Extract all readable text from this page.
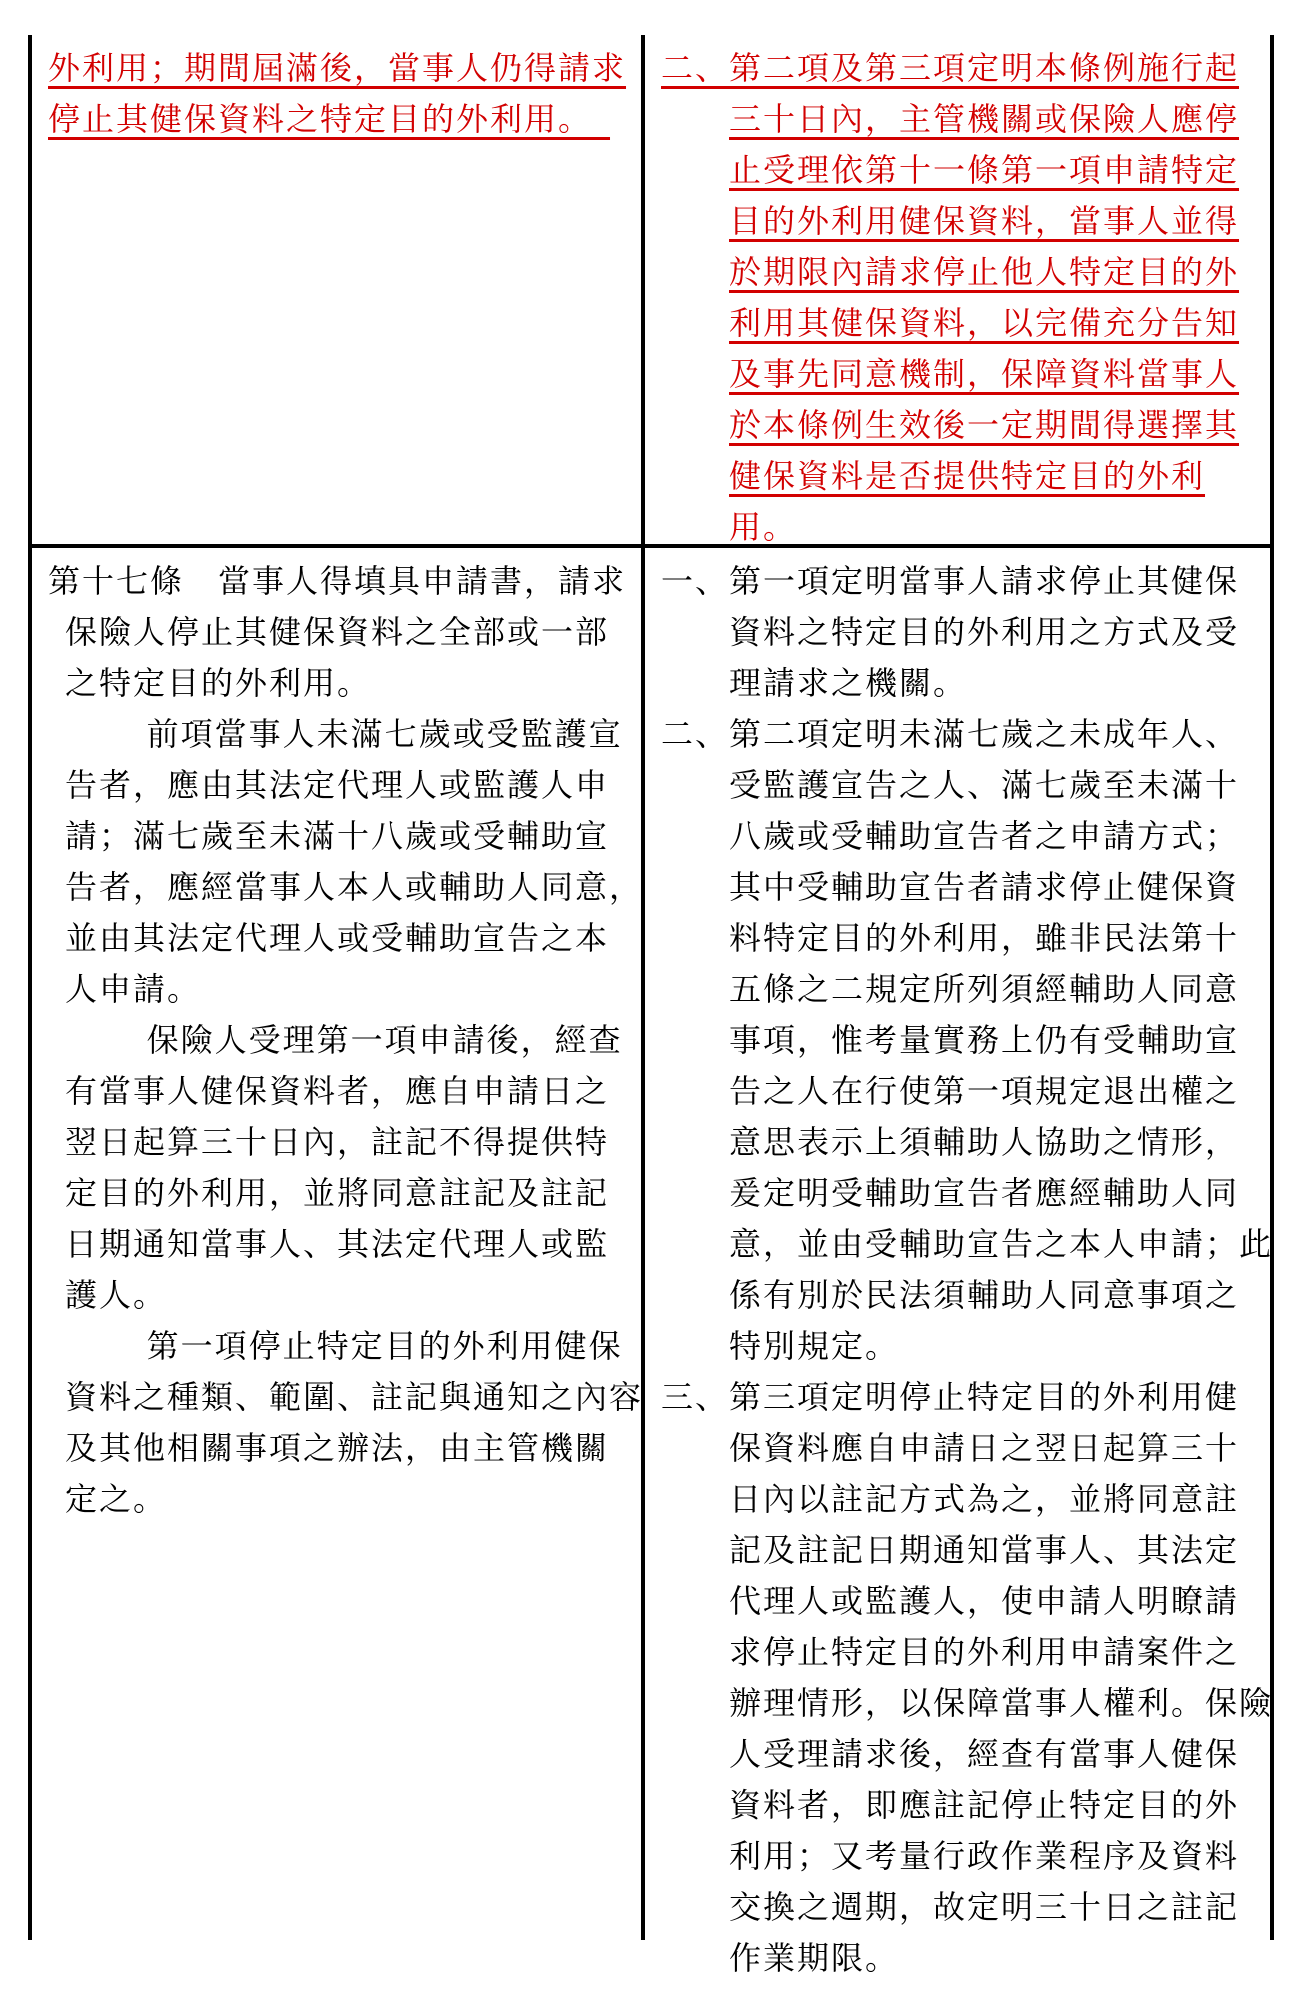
外利用；期間屆滿後，當事人仍得請求
停止其健保資料之特定目的外利用。　
二、第二項及第三項定明本條例施行起
三十日內，主管機關或保險人應停
止受理依第十一條第一項申請特定
目的外利用健保資料，當事人並得
於期限內請求停止他人特定目的外
利用其健保資料，以完備充分告知
及事先同意機制，保障資料當事人
於本條例生效後一定期間得選擇其
健保資料是否提供特定目的外利
用。
第十七條　當事人得填具申請書，請求
保險人停止其健保資料之全部或一部
之特定目的外利用。
前項當事人未滿七歲或受監護宣
告者，應由其法定代理人或監護人申
請；滿七歲至未滿十八歲或受輔助宣
告者，應經當事人本人或輔助人同意，
並由其法定代理人或受輔助宣告之本
人申請。
保險人受理第一項申請後，經查
有當事人健保資料者，應自申請日之
翌日起算三十日內，註記不得提供特
定目的外利用，並將同意註記及註記
日期通知當事人、其法定代理人或監
護人。
第一項停止特定目的外利用健保
資料之種類、範圍、註記與通知之內容
及其他相關事項之辦法，由主管機關
定之。
一、第一項定明當事人請求停止其健保
資料之特定目的外利用之方式及受
理請求之機關。
二、第二項定明未滿七歲之未成年人、
受監護宣告之人、滿七歲至未滿十
八歲或受輔助宣告者之申請方式；
其中受輔助宣告者請求停止健保資
料特定目的外利用，雖非民法第十
五條之二規定所列須經輔助人同意
事項，惟考量實務上仍有受輔助宣
告之人在行使第一項規定退出權之
意思表示上須輔助人協助之情形，
爰定明受輔助宣告者應經輔助人同
意，並由受輔助宣告之本人申請；此
係有別於民法須輔助人同意事項之
特別規定。
三、第三項定明停止特定目的外利用健
保資料應自申請日之翌日起算三十
日內以註記方式為之，並將同意註
記及註記日期通知當事人、其法定
代理人或監護人，使申請人明瞭請
求停止特定目的外利用申請案件之
辦理情形，以保障當事人權利。保險
人受理請求後，經查有當事人健保
資料者，即應註記停止特定目的外
利用；又考量行政作業程序及資料
交換之週期，故定明三十日之註記
作業期限。
